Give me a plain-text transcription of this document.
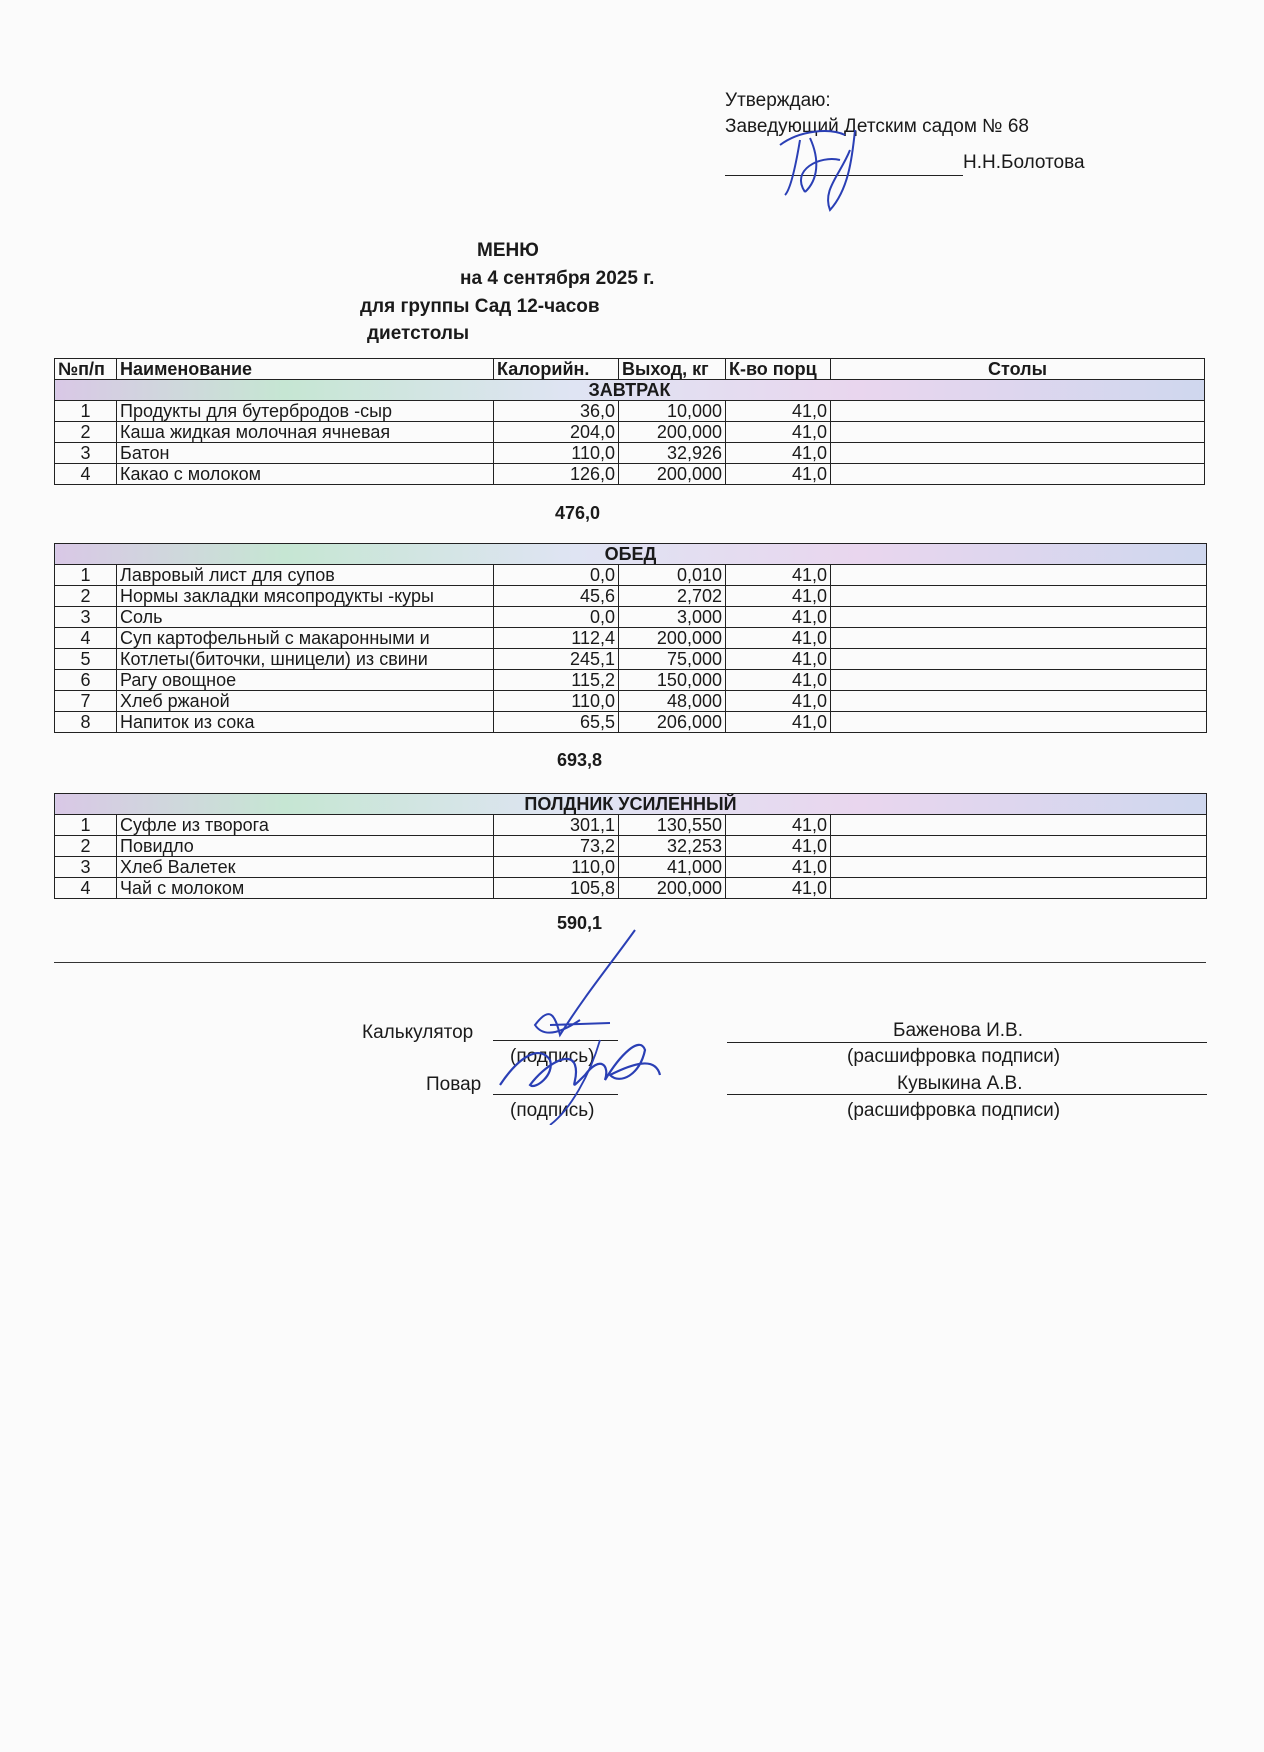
Утверждаю:
Заведующий Детским садом № 68
Н.Н.Болотова
МЕНЮ
на 4 сентября 2025 г.
для группы Сад 12-часов
диетстолы
№п/п	Наименование	Калорийн.	Выход, кг	К-во порц	Столы
ЗАВТРАК					
1	Продукты для бутербродов -сыр	36,0	10,000	41,0	
2	Каша жидкая молочная ячневая	204,0	200,000	41,0	
3	Батон	110,0	32,926	41,0	
4	Какао с молоком	126,0	200,000	41,0	
476,0
ОБЕД					
1	Лавровый лист для супов	0,0	0,010	41,0	
2	Нормы закладки мясопродукты -куры	45,6	2,702	41,0	
3	Соль	0,0	3,000	41,0	
4	Суп картофельный с макаронными и	112,4	200,000	41,0	
5	Котлеты(биточки, шницели) из свини	245,1	75,000	41,0	
6	Рагу овощное	115,2	150,000	41,0	
7	Хлеб ржаной	110,0	48,000	41,0	
8	Напиток из сока	65,5	206,000	41,0	
693,8
ПОЛДНИК УСИЛЕННЫЙ					
1	Суфле из творога	301,1	130,550	41,0	
2	Повидло	73,2	32,253	41,0	
3	Хлеб Валетек	110,0	41,000	41,0	
4	Чай с молоком	105,8	200,000	41,0	
590,1
Калькулятор
(подпись)
Баженова И.В.
(расшифровка подписи)
Повар
(подпись)
Кувыкина А.В.
(расшифровка подписи)
